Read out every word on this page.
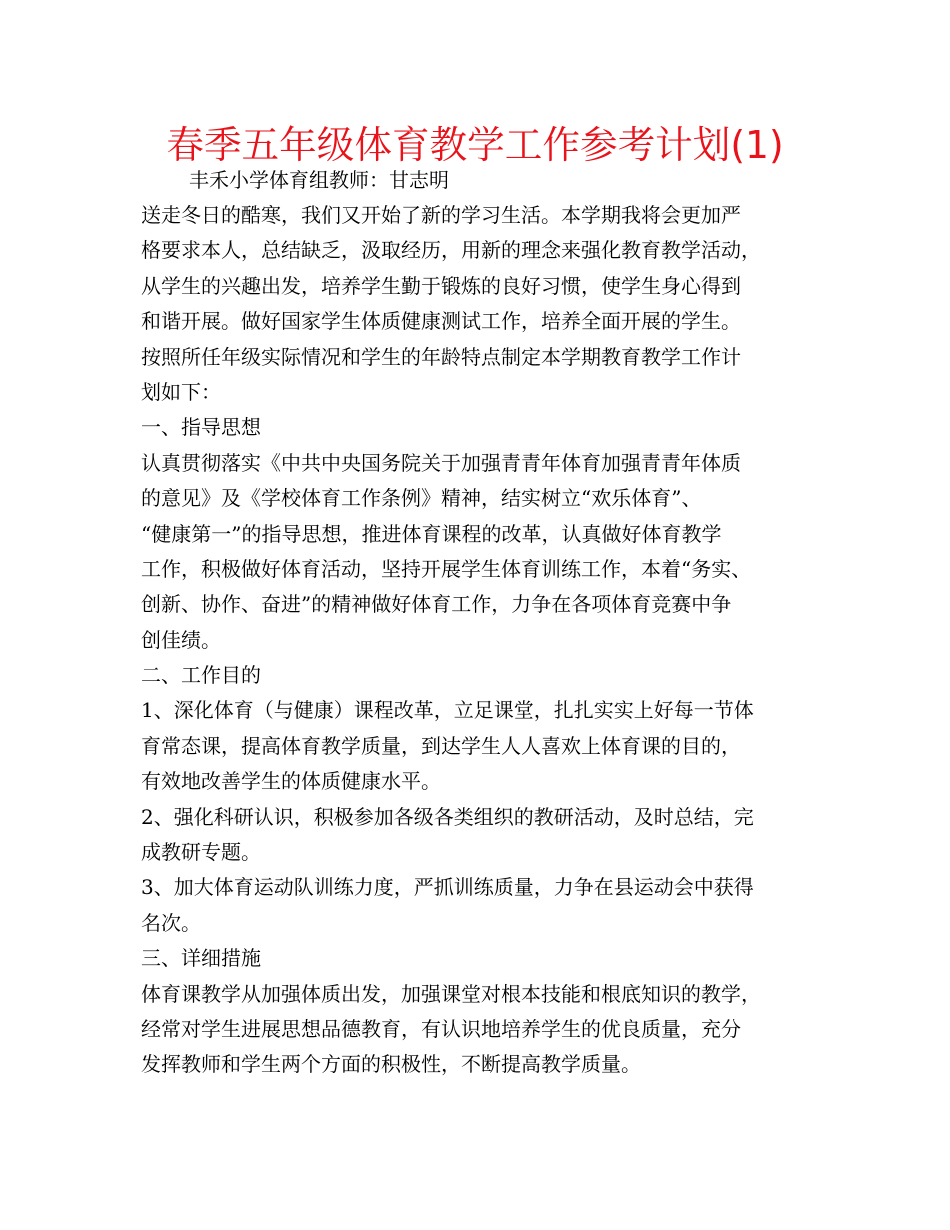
春季五年级体育教学工作参考计划(1)
丰禾小学体育组教师：甘志明
送走冬日的酷寒，我们又开始了新的学习生活。本学期我将会更加严
格要求本人，总结缺乏，汲取经历，用新的理念来强化教育教学活动，
从学生的兴趣出发，培养学生勤于锻炼的良好习惯，使学生身心得到
和谐开展。做好国家学生体质健康测试工作，培养全面开展的学生。
按照所任年级实际情况和学生的年龄特点制定本学期教育教学工作计
划如下：
一、指导思想
认真贯彻落实《中共中央国务院关于加强青青年体育加强青青年体质
的意见》及《学校体育工作条例》精神，结实树立“欢乐体育”、
“健康第一”的指导思想，推进体育课程的改革，认真做好体育教学
工作，积极做好体育活动，坚持开展学生体育训练工作，本着“务实、
创新、协作、奋进”的精神做好体育工作，力争在各项体育竞赛中争
创佳绩。
二、工作目的
1、深化体育（与健康）课程改革，立足课堂，扎扎实实上好每一节体
育常态课，提高体育教学质量，到达学生人人喜欢上体育课的目的，
有效地改善学生的体质健康水平。
2、强化科研认识，积极参加各级各类组织的教研活动，及时总结，完
成教研专题。
3、加大体育运动队训练力度，严抓训练质量，力争在县运动会中获得
名次。
三、详细措施
体育课教学从加强体质出发，加强课堂对根本技能和根底知识的教学，
经常对学生进展思想品德教育，有认识地培养学生的优良质量，充分
发挥教师和学生两个方面的积极性，不断提高教学质量。
